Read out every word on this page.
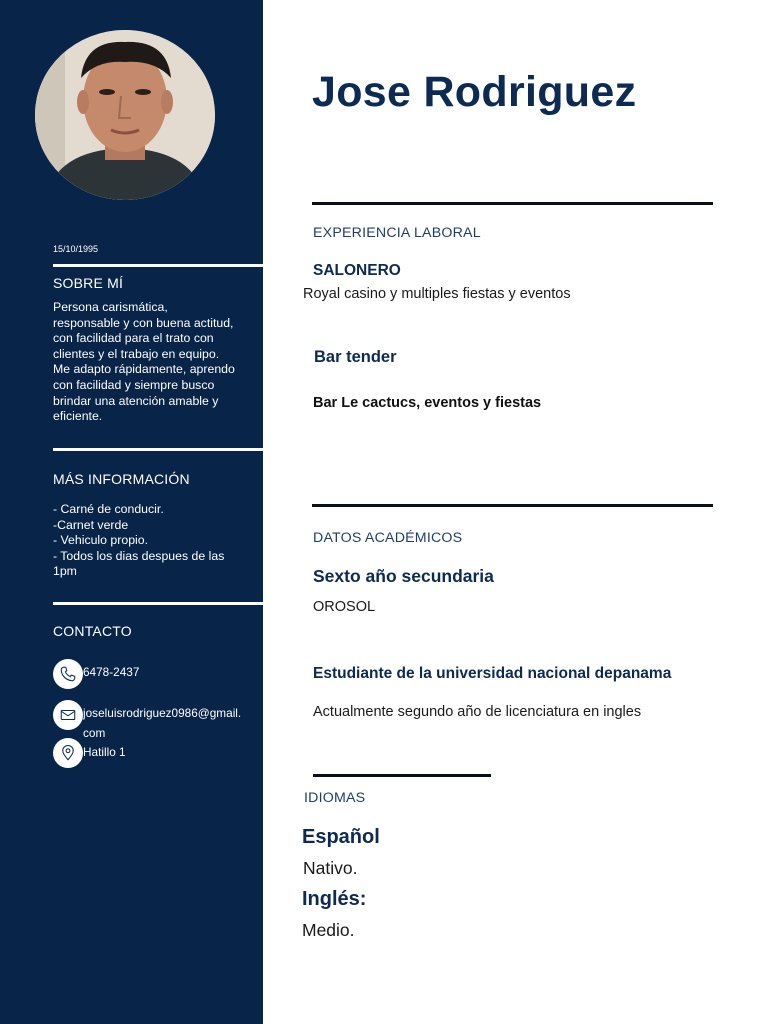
15/10/1995
SOBRE MÍ
Persona carismática, responsable y con buena actitud, con facilidad para el trato con clientes y el trabajo en equipo. Me adapto rápidamente, aprendo con facilidad y siempre busco brindar una atención amable y eficiente.
MÁS INFORMACIÓN
- Carné de conducir.
-Carnet verde
- Vehiculo propio.
- Todos los dias despues de las 1pm
CONTACTO
6478-2437
joseluisrodriguez0986@gmail.
com
Hatillo 1
Jose Rodriguez
EXPERIENCIA LABORAL
SALONERO
Royal casino y multiples fiestas y eventos
Bar tender
Bar Le cactucs, eventos y fiestas
DATOS ACADÉMICOS
Sexto año secundaria
OROSOL
Estudiante de la universidad nacional depanama
Actualmente segundo año de licenciatura en ingles
IDIOMAS
Español
Nativo.
Inglés:
Medio.
